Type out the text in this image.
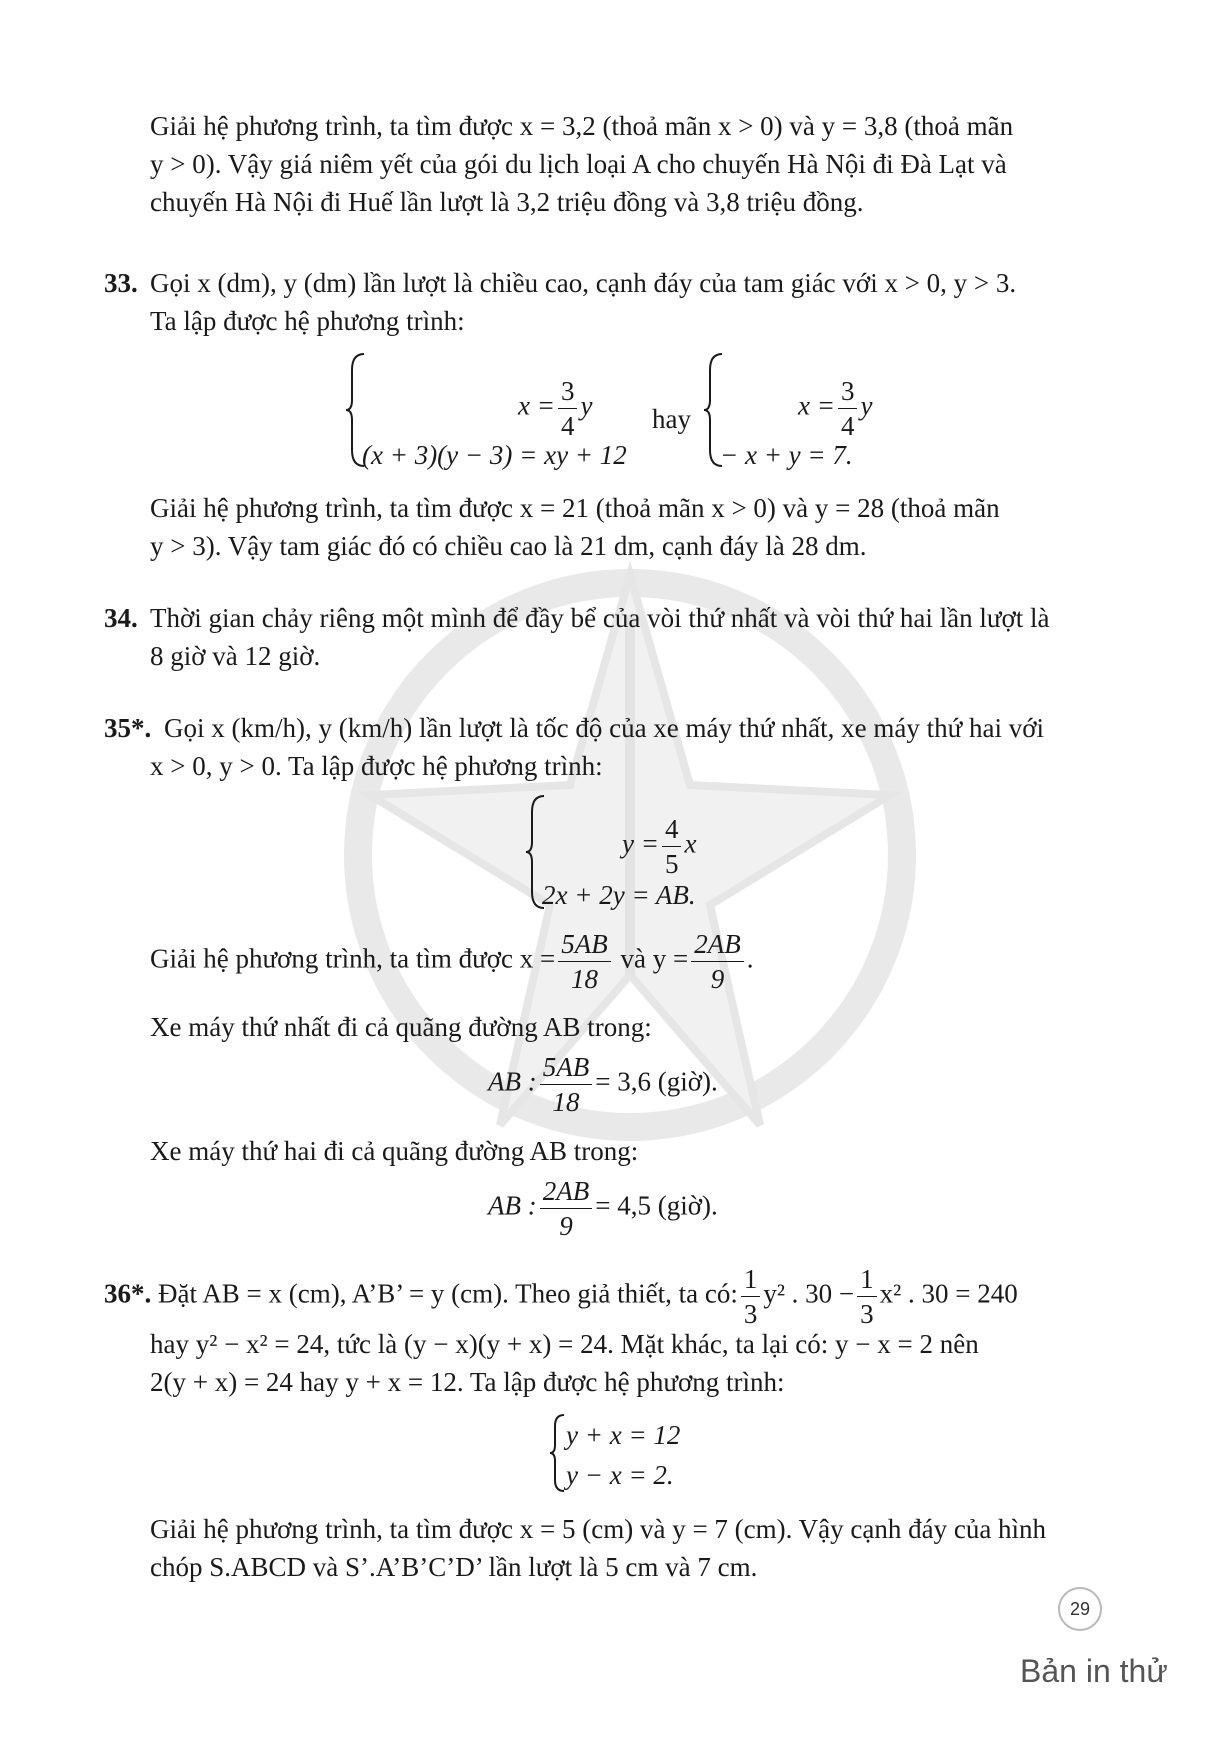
Giải hệ phương trình, ta tìm được x = 3,2 (thoả mãn x > 0) và y = 3,8 (thoả mãn
y > 0). Vậy giá niêm yết của gói du lịch loại A cho chuyến Hà Nội đi Đà Lạt và
chuyến Hà Nội đi Huế lần lượt là 3,2 triệu đồng và 3,8 triệu đồng.
33. Gọi x (dm), y (dm) lần lượt là chiều cao, cạnh đáy của tam giác với x > 0, y > 3.
Ta lập được hệ phương trình:
$x = \frac{3}{4}$ y
(x + 3)(y − 3) = xy + 12
hay	$x = \frac{3}{4}$ y
− x + y = 7.
Giải hệ phương trình, ta tìm được x = 21 (thoả mãn x > 0) và y = 28 (thoả mãn
y > 3). Vậy tam giác đó có chiều cao là 21 dm, cạnh đáy là 28 dm.
34. Thời gian chảy riêng một mình để đầy bể của vòi thứ nhất và vòi thứ hai lần lượt là
8 giờ và 12 giờ.
35*. Gọi x (km/h), y (km/h) lần lượt là tốc độ của xe máy thứ nhất, xe máy thứ hai với
x > 0, y > 0. Ta lập được hệ phương trình:
$y = \frac{4}{5}$ x
2x + 2y = AB.
Giải hệ phương trình, ta tìm được $x = \frac{5AB}{18}$ và $y = \frac{2AB}{9}$ .
Xe máy thứ nhất đi cả quãng đường AB trong:
AB : $\frac{5AB}{18} = 3,6$ (giờ).
Xe máy thứ hai đi cả quãng đường AB trong:
AB : $\frac{2AB}{9} = 4,5$ (giờ).
36*. Đặt AB = x (cm), A’B’ = y (cm). Theo giả thiết, ta có: $\frac{1}{3} y^2$ . $30 - \frac{1}{3} x^2$ . 30 = 240
hay y² − x² = 24, tức là (y − x)(y + x) = 24. Mặt khác, ta lại có: y − x = 2 nên
2(y + x) = 24 hay y + x = 12. Ta lập được hệ phương trình:
y + x = 12
y − x = 2.
Giải hệ phương trình, ta tìm được x = 5 (cm) và y = 7 (cm). Vậy cạnh đáy của hình
chóp S.ABCD và S’.A’B’C’D’ lần lượt là 5 cm và 7 cm.
29
Bản in thử
